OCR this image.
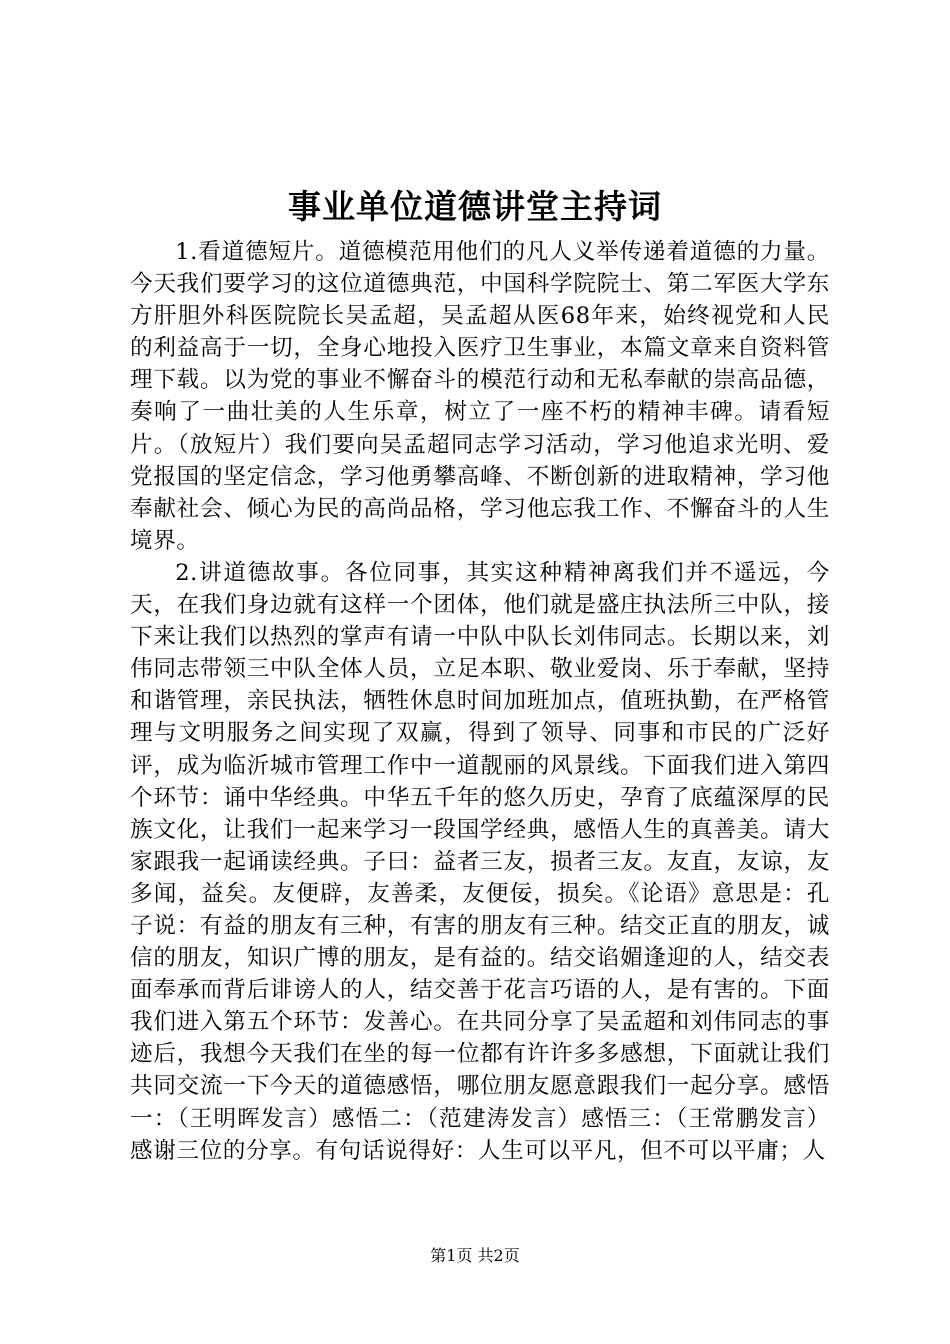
事业单位道德讲堂主持词

1.看道德短片。道德模范用他们的凡人义举传递着道德的力量。今天我们要学习的这位道德典范，中国科学院院士、第二军医大学东方肝胆外科医院院长吴孟超，吴孟超从医68年来，始终视党和人民的利益高于一切，全身心地投入医疗卫生事业，本篇文章来自资料管理下载。以为党的事业不懈奋斗的模范行动和无私奉献的崇高品德，奏响了一曲壮美的人生乐章，树立了一座不朽的精神丰碑。请看短片。（放短片）我们要向吴孟超同志学习活动，学习他追求光明、爱党报国的坚定信念，学习他勇攀高峰、不断创新的进取精神，学习他奉献社会、倾心为民的高尚品格，学习他忘我工作、不懈奋斗的人生境界。

2.讲道德故事。各位同事，其实这种精神离我们并不遥远，今天，在我们身边就有这样一个团体，他们就是盛庄执法所三中队，接下来让我们以热烈的掌声有请一中队中队长刘伟同志。长期以来，刘伟同志带领三中队全体人员，立足本职、敬业爱岗、乐于奉献，坚持和谐管理，亲民执法，牺牲休息时间加班加点，值班执勤，在严格管理与文明服务之间实现了双赢，得到了领导、同事和市民的广泛好评，成为临沂城市管理工作中一道靓丽的风景线。下面我们进入第四个环节：诵中华经典。中华五千年的悠久历史，孕育了底蕴深厚的民族文化，让我们一起来学习一段国学经典，感悟人生的真善美。请大家跟我一起诵读经典。子曰：益者三友，损者三友。友直，友谅，友多闻，益矣。友便辟，友善柔，友便佞，损矣。《论语》意思是：孔子说：有益的朋友有三种，有害的朋友有三种。结交正直的朋友，诚信的朋友，知识广博的朋友，是有益的。结交谄媚逢迎的人，结交表面奉承而背后诽谤人的人，结交善于花言巧语的人，是有害的。下面我们进入第五个环节：发善心。在共同分享了吴孟超和刘伟同志的事迹后，我想今天我们在坐的每一位都有许许多多感想，下面就让我们共同交流一下今天的道德感悟，哪位朋友愿意跟我们一起分享。感悟一：（王明晖发言）感悟二：（范建涛发言）感悟三：（王常鹏发言）感谢三位的分享。有句话说得好：人生可以平凡，但不可以平庸；人

第1页 共2页
